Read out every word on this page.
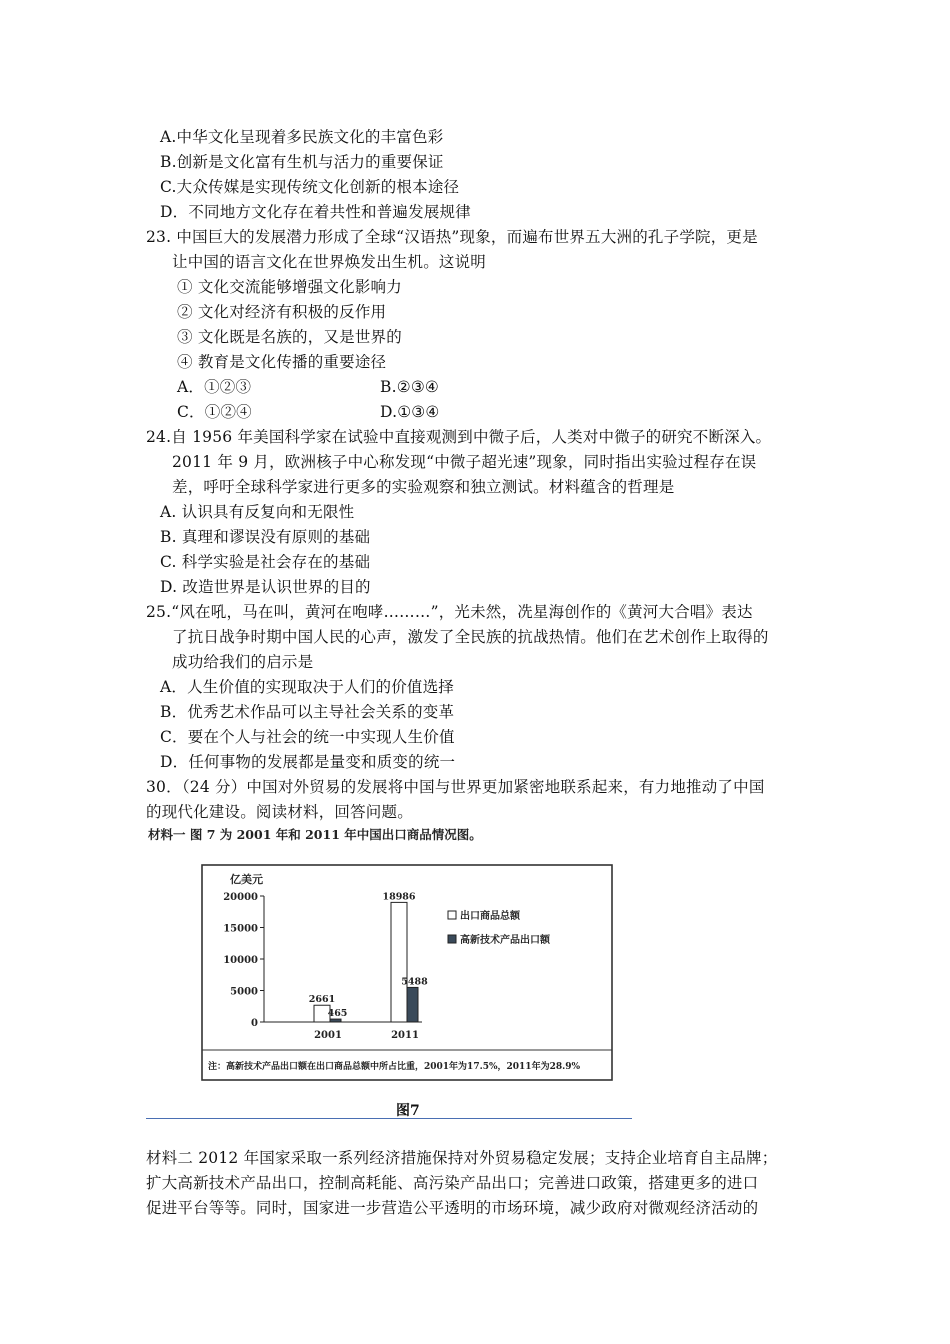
A.中华文化呈现着多民族文化的丰富色彩
B.创新是文化富有生机与活力的重要保证
C.大众传媒是实现传统文化创新的根本途径
D．不同地方文化存在着共性和普遍发展规律
23. 中国巨大的发展潜力形成了全球“汉语热”现象，而遍布世界五大洲的孔子学院，更是
让中国的语言文化在世界焕发出生机。这说明
① 文化交流能够增强文化影响力
② 文化对经济有积极的反作用
③ 文化既是名族的，又是世界的
④ 教育是文化传播的重要途径
A．①②③	B.②③④
C．①②④	D.①③④
24.自 1956 年美国科学家在试验中直接观测到中微子后，人类对中微子的研究不断深入。
2011 年 9 月，欧洲核子中心称发现“中微子超光速”现象，同时指出实验过程存在误
差，呼吁全球科学家进行更多的实验观察和独立测试。材料蕴含的哲理是
A. 认识具有反复向和无限性
B. 真理和谬误没有原则的基础
C. 科学实验是社会存在的基础
D. 改造世界是认识世界的目的
25.“风在吼，马在叫，黄河在咆哮………”，光未然，冼星海创作的《黄河大合唱》表达
了抗日战争时期中国人民的心声，激发了全民族的抗战热情。他们在艺术创作上取得的
成功给我们的启示是
A．人生价值的实现取决于人们的价值选择
B．优秀艺术作品可以主导社会关系的变革
C．要在个人与社会的统一中实现人生价值
D．任何事物的发展都是量变和质变的统一
30．（24 分）中国对外贸易的发展将中国与世界更加紧密地联系起来，有力地推动了中国
的现代化建设。阅读材料，回答问题。
材料一 图 7 为 2001 年和 2011 年中国出口商品情况图。
亿美元
0
5000
10000
15000
20000
2661
465
18986
5488
2001	2011
出口商品总额
高新技术产品出口额
注：高新技术产品出口额在出口商品总额中所占比重，2001年为17.5%，2011年为28.9%
图7
材料二 2012 年国家采取一系列经济措施保持对外贸易稳定发展；支持企业培育自主品牌；
扩大高新技术产品出口，控制高耗能、高污染产品出口；完善进口政策，搭建更多的进口
促进平台等等。同时，国家进一步营造公平透明的市场环境，减少政府对微观经济活动的
